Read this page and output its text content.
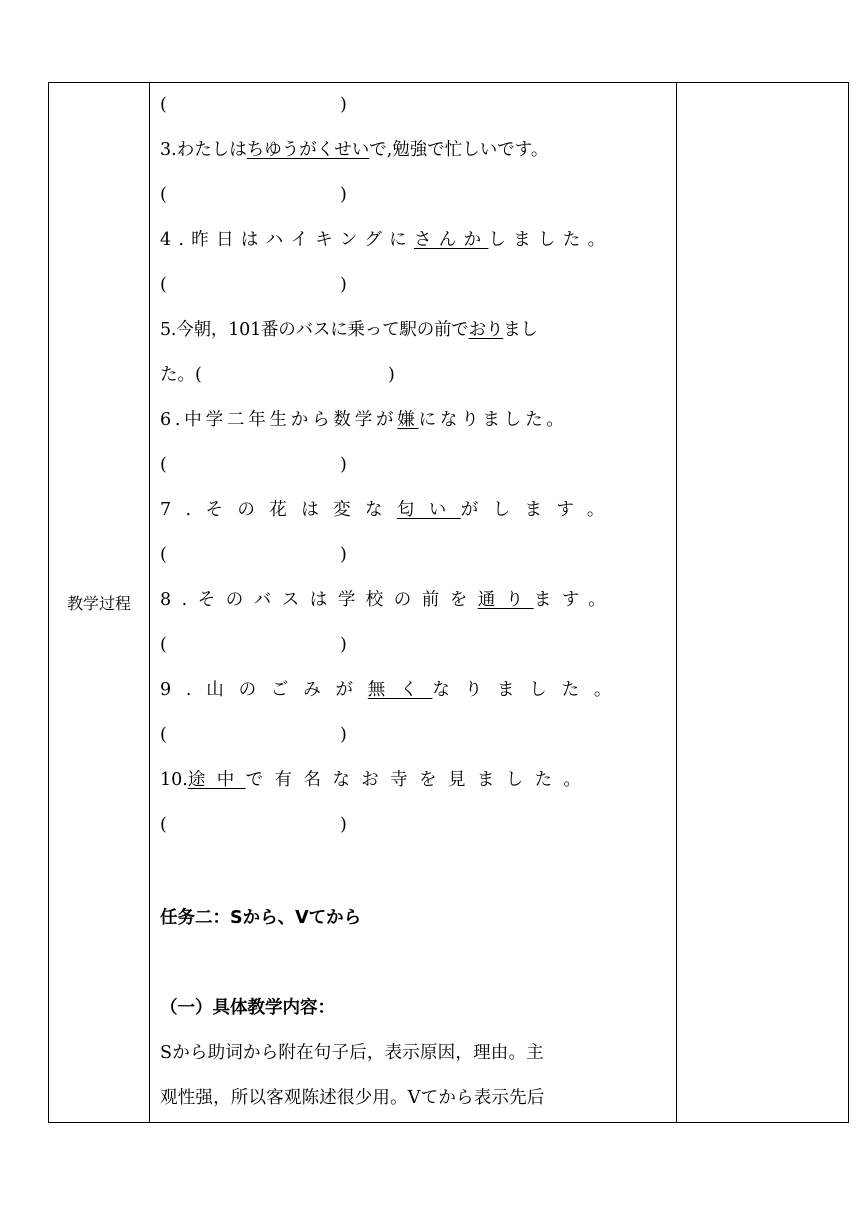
教学过程
(	)
3.わたしはちゆうがくせいで,勉強で忙しいです。
(	)
4.昨日はハイキングにさんかしました。
(	)
5.今朝，101番のバスに乗って駅の前でおりまし
た。(	)
6.中学二年生から数学が嫌になりました。
(	)
7.その花は変な匂いがします。
(	)
8.そのバスは学校の前を通ります。
(	)
9.山のごみが無くなりました。
(	)
10.途中で有名なお寺を見ました。
(	)
任务二：Sから、Vてから
（一）具体教学内容：
Sから助词から附在句子后，表示原因，理由。主
观性强，所以客观陈述很少用。Vてから表示先后
